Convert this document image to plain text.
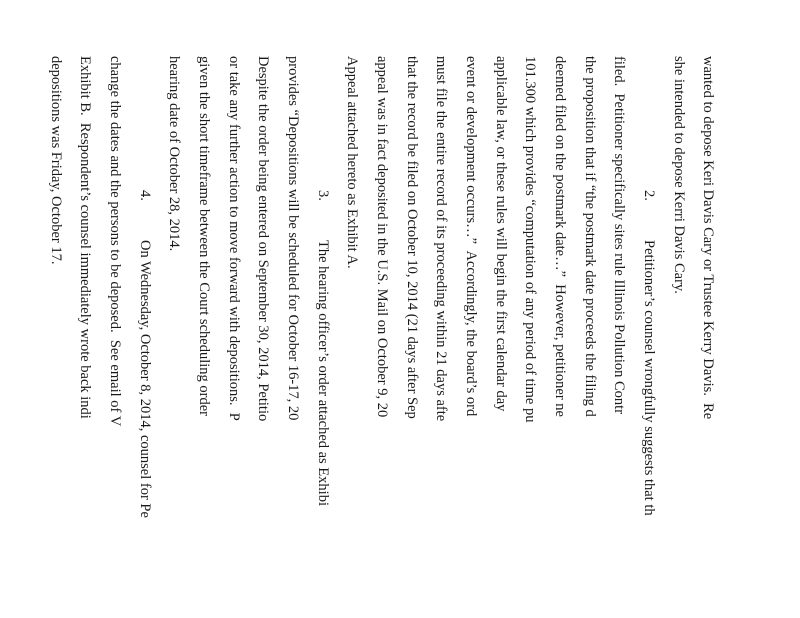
wanted to depose Keri Davis Cary or Trustee Kerry Davis.  Re
she intended to depose Kerri Davis Cary.
2.
Petitioner’s counsel wrongfully suggests that th
filed.  Petitioner specifically sites rule Illinois Pollution Contr
the proposition that if “the postmark date proceeds the filing d
deemed filed on the postmark date…”  However, petitioner ne
101.300 which provides “computation of any period of time pu
applicable law, or these rules will begin the first calendar day
event or development occurs…”  Accordingly, the board’s ord
must file the entire record of its proceeding within 21 days afte
that the record be filed on October 10, 2014 (21 days after Sep
appeal was in fact deposited in the U.S. Mail on October 9, 20
Appeal attached hereto as Exhibit A.
3.
The hearing officer’s order attached as Exhibi
provides “Depositions will be scheduled for October 16-17, 20
Despite the order being entered on September 30, 2014, Petitio
or take any further action to move forward with depositions.  P
given the short timeframe between the Court scheduling order
hearing date of October 28, 2014.
4.
On Wednesday, October 8, 2014, counsel for Pe
change the dates and the persons to be deposed.  See email of V
Exhibit B.  Respondent’s counsel immediately wrote back indi
depositions was Friday, October 17.
